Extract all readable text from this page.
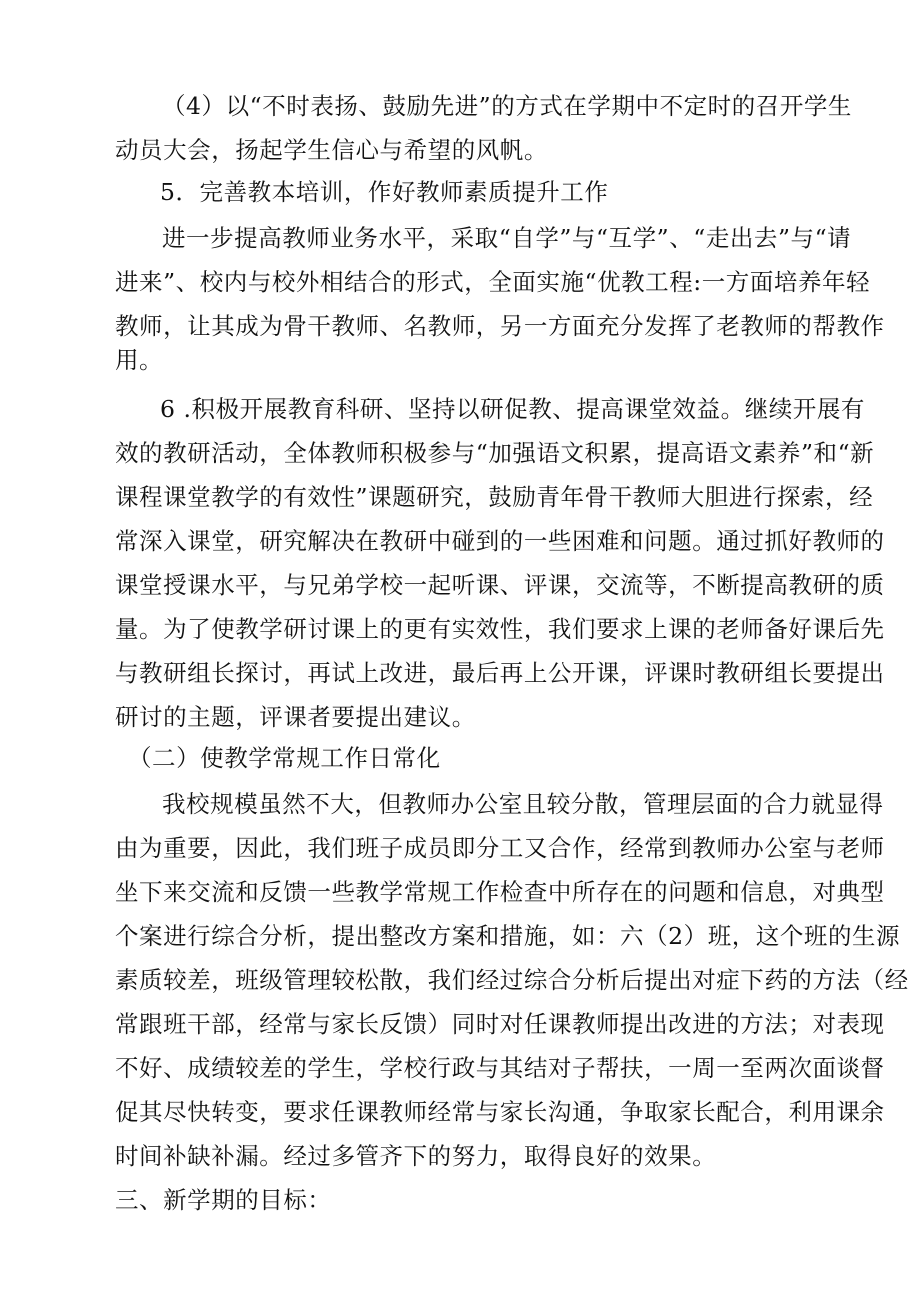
（4）以“不时表扬、鼓励先进”的方式在学期中不定时的召开学生
动员大会，扬起学生信心与希望的风帆。
5．完善教本培训，作好教师素质提升工作
进一步提高教师业务水平，采取“自学”与“互学”、“走出去”与“请
进来”、校内与校外相结合的形式，全面实施“优教工程:一方面培养年轻
教师，让其成为骨干教师、名教师，另一方面充分发挥了老教师的帮教作
用。
6 .积极开展教育科研、坚持以研促教、提高课堂效益。继续开展有
效的教研活动，全体教师积极参与“加强语文积累，提高语文素养”和“新
课程课堂教学的有效性”课题研究，鼓励青年骨干教师大胆进行探索，经
常深入课堂，研究解决在教研中碰到的一些困难和问题。通过抓好教师的
课堂授课水平，与兄弟学校一起听课、评课，交流等，不断提高教研的质
量。为了使教学研讨课上的更有实效性，我们要求上课的老师备好课后先
与教研组长探讨，再试上改进，最后再上公开课，评课时教研组长要提出
研讨的主题，评课者要提出建议。
（二）使教学常规工作日常化
我校规模虽然不大，但教师办公室且较分散，管理层面的合力就显得
由为重要，因此，我们班子成员即分工又合作，经常到教师办公室与老师
坐下来交流和反馈一些教学常规工作检查中所存在的问题和信息，对典型
个案进行综合分析，提出整改方案和措施，如：六（2）班，这个班的生源
素质较差，班级管理较松散，我们经过综合分析后提出对症下药的方法（经
常跟班干部，经常与家长反馈）同时对任课教师提出改进的方法；对表现
不好、成绩较差的学生，学校行政与其结对子帮扶，一周一至两次面谈督
促其尽快转变，要求任课教师经常与家长沟通，争取家长配合，利用课余
时间补缺补漏。经过多管齐下的努力，取得良好的效果。
三、新学期的目标：
